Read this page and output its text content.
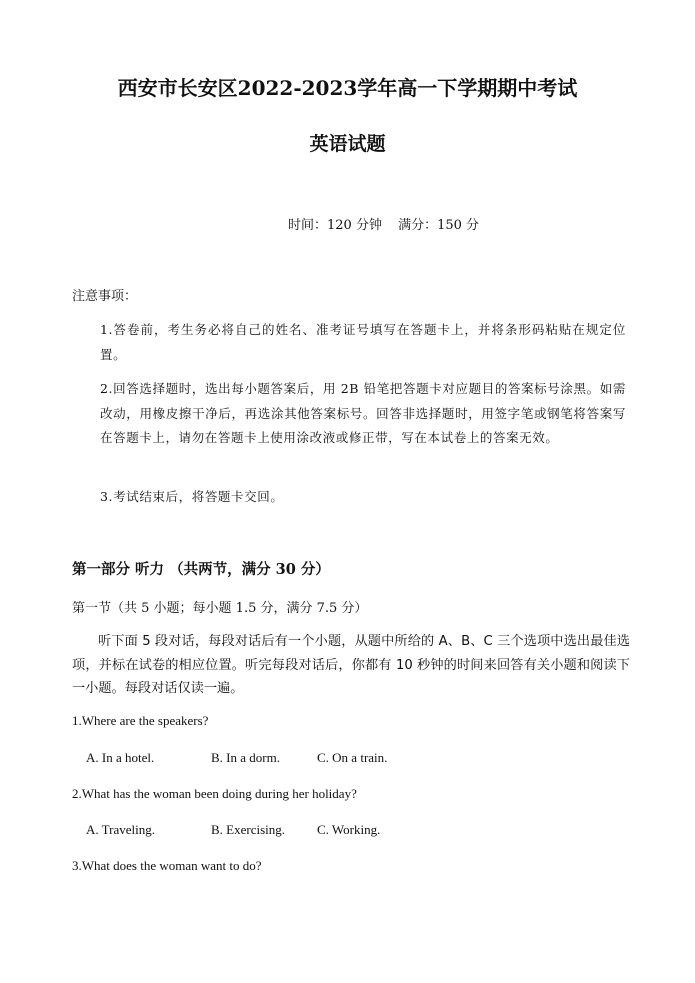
西安市长安区2022-2023学年高一下学期期中考试
英语试题
时间：120 分钟 满分：150 分
注意事项：
1.答卷前，考生务必将自己的姓名、准考证号填写在答题卡上，并将条形码粘贴在规定位置。
2.回答选择题时，选出每小题答案后，用 2B 铅笔把答题卡对应题目的答案标号涂黑。如需改动，用橡皮擦干净后，再选涂其他答案标号。回答非选择题时，用签字笔或钢笔将答案写在答题卡上，请勿在答题卡上使用涂改液或修正带，写在本试卷上的答案无效。
3.考试结束后，将答题卡交回。
第一部分 听力 （共两节，满分 30 分）
第一节（共 5 小题；每小题 1.5 分，满分 7.5 分）
听下面 5 段对话，每段对话后有一个小题，从题中所给的 A、B、C 三个选项中选出最佳选项，并标在试卷的相应位置。听完每段对话后，你都有 10 秒钟的时间来回答有关小题和阅读下一小题。每段对话仅读一遍。
1.Where are the speakers?
A. In a hotel.	B. In a dorm.	C. On a train.
2.What has the woman been doing during her holiday?
A. Traveling.	B. Exercising. C. Working.
3.What does the woman want to do?
